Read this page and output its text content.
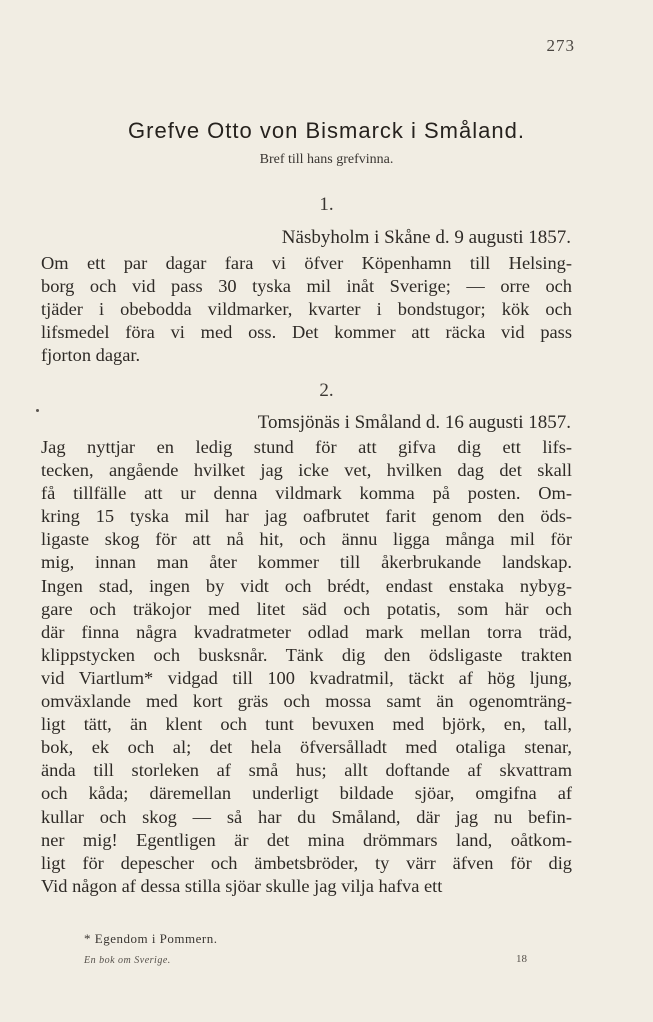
273
Grefve Otto von Bismarck i Småland.
Bref till hans grefvinna.
1.
Näsbyholm i Skåne d. 9 augusti 1857.
Om ett par dagar fara vi öfver Köpenhamn till Helsing-
borg och vid pass 30 tyska mil inåt Sverige; — orre och
tjäder i obebodda vildmarker, kvarter i bondstugor; kök och
lifsmedel föra vi med oss. Det kommer att räcka vid pass
fjorton dagar.
2.
Tomsjönäs i Småland d. 16 augusti 1857.
Jag nyttjar en ledig stund för att gifva dig ett lifs-
tecken, angående hvilket jag icke vet, hvilken dag det skall
få tillfälle att ur denna vildmark komma på posten. Om-
kring 15 tyska mil har jag oafbrutet farit genom den öds-
ligaste skog för att nå hit, och ännu ligga många mil för
mig, innan man åter kommer till åkerbrukande landskap.
Ingen stad, ingen by vidt och brédt, endast enstaka nybyg-
gare och träkojor med litet säd och potatis, som här och
där finna några kvadratmeter odlad mark mellan torra träd,
klippstycken och busksnår. Tänk dig den ödsligaste trakten
vid Viartlum* vidgad till 100 kvadratmil, täckt af hög ljung,
omväxlande med kort gräs och mossa samt än ogenomträng-
ligt tätt, än klent och tunt bevuxen med björk, en, tall,
bok, ek och al; det hela öfversålladt med otaliga stenar,
ända till storleken af små hus; allt doftande af skvattram
och kåda; däremellan underligt bildade sjöar, omgifna af
kullar och skog — så har du Småland, där jag nu befin-
ner mig! Egentligen är det mina drömmars land, oåtkom-
ligt för depescher och ämbetsbröder, ty värr äfven för dig
Vid någon af dessa stilla sjöar skulle jag vilja hafva ett
* Egendom i Pommern.
En bok om Sverige.	18
